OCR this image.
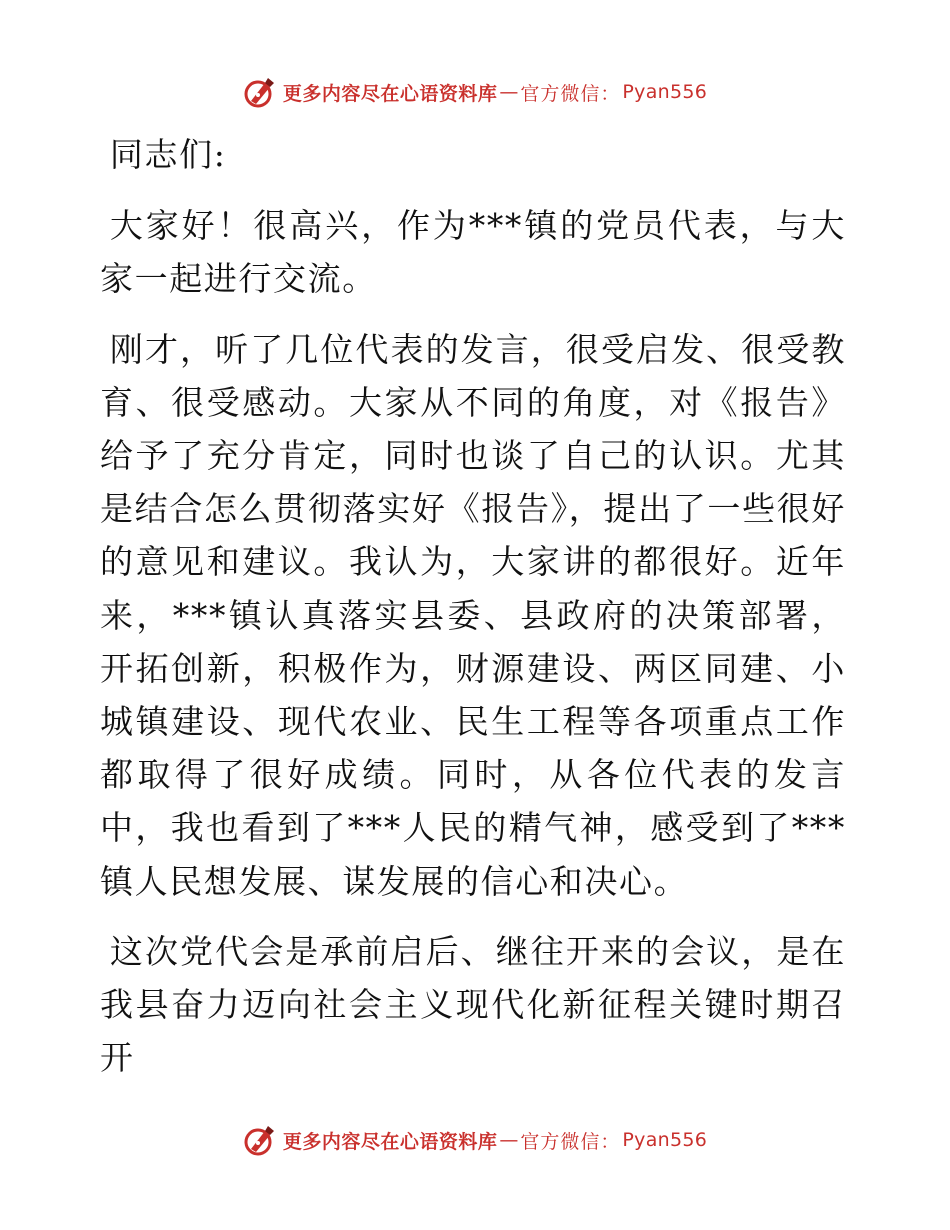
更多内容尽在心语资料库 — 官方微信 ： Pyan556

同志们:

大家好！很高兴，作为***镇的党员代表，与大家一起进行交流。

刚才，听了几位代表的发言，很受启发、很受教育、很受感动。大家从不同的角度，对《报告》给予了充分肯定，同时也谈了自己的认识。尤其是结合怎么贯彻落实好《报告》，提出了一些很好的意见和建议。我认为，大家讲的都很好。近年来，***镇认真落实县委、县政府的决策部署，开拓创新，积极作为，财源建设、两区同建、小城镇建设、现代农业、民生工程等各项重点工作都取得了很好成绩。同时，从各位代表的发言中，我也看到了***人民的精气神，感受到了***镇人民想发展、谋发展的信心和决心。

这次党代会是承前启后、继往开来的会议，是在我县奋力迈向社会主义现代化新征程关键时期召开

更多内容尽在心语资料库 — 官方微信 ： Pyan556
